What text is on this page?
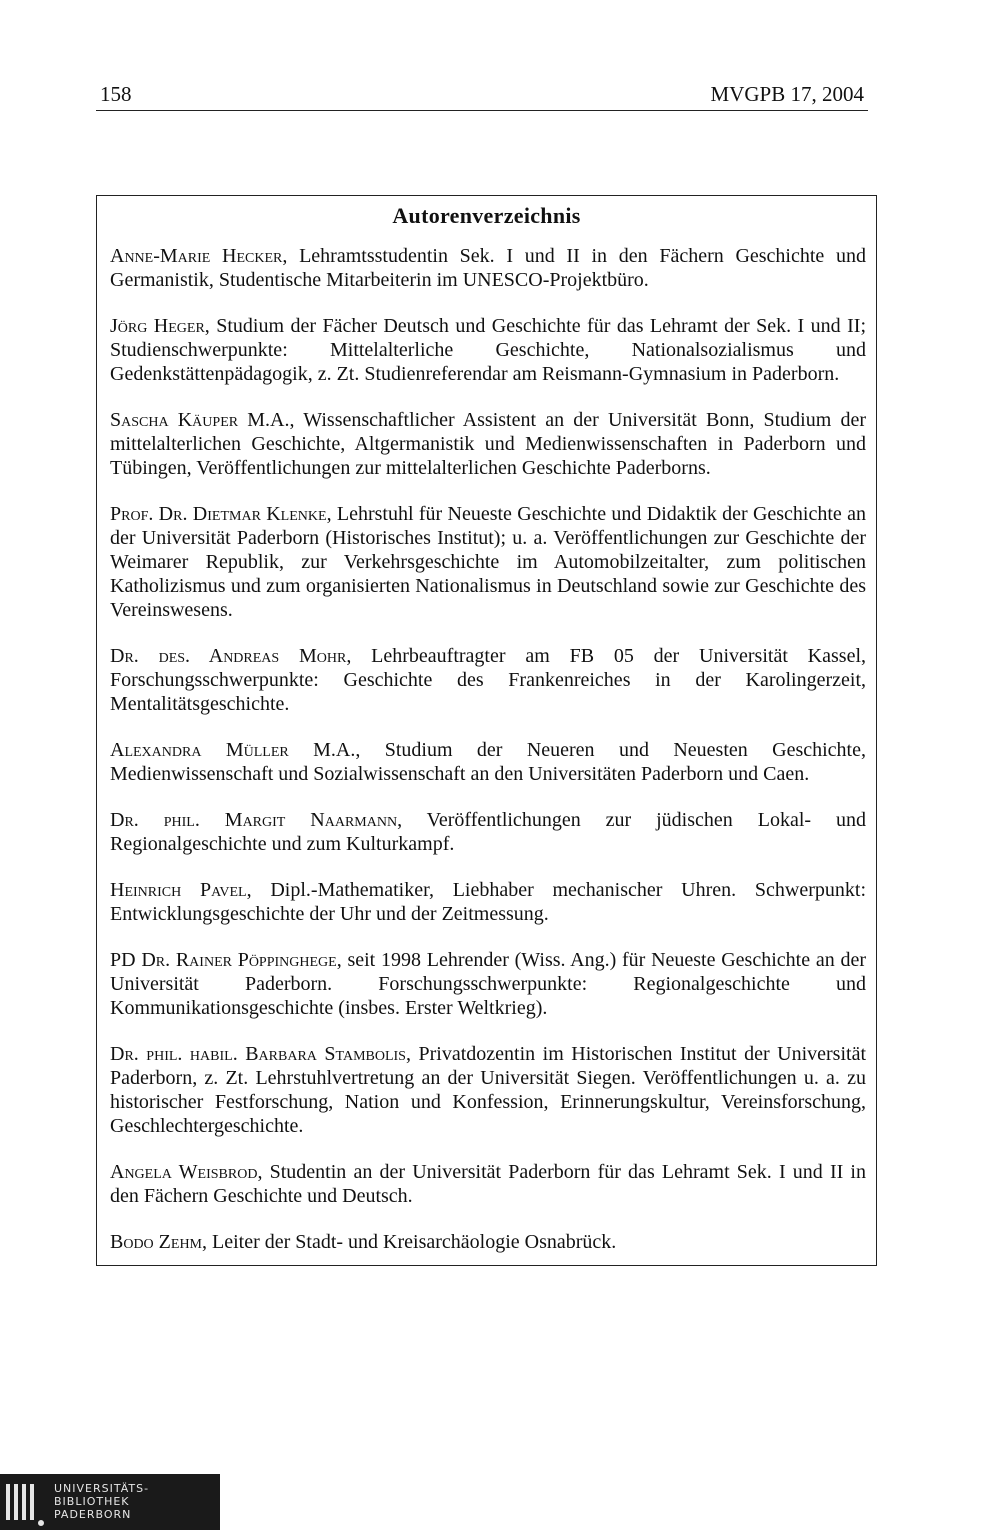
158	MVGPB 17, 2004
Autorenverzeichnis

Anne-Marie Hecker, Lehramtsstudentin Sek. I und II in den Fächern Geschichte und Germanistik, Studentische Mitarbeiterin im UNESCO-Projektbüro.

Jörg Heger, Studium der Fächer Deutsch und Geschichte für das Lehramt der Sek. I und II; Studienschwerpunkte: Mittelalterliche Geschichte, Nationalsozialismus und Gedenkstättenpädagogik, z. Zt. Studienreferendar am Reismann-Gymnasium in Paderborn.

Sascha Käuper M.A., Wissenschaftlicher Assistent an der Universität Bonn, Studium der mittelalterlichen Geschichte, Altgermanistik und Medienwissenschaften in Paderborn und Tübingen, Veröffentlichungen zur mittelalterlichen Geschichte Paderborns.

Prof. Dr. Dietmar Klenke, Lehrstuhl für Neueste Geschichte und Didaktik der Geschichte an der Universität Paderborn (Historisches Institut); u. a. Veröffentlichungen zur Geschichte der Weimarer Republik, zur Verkehrsgeschichte im Automobilzeitalter, zum politischen Katholizismus und zum organisierten Nationalismus in Deutschland sowie zur Geschichte des Vereinswesens.

Dr. des. Andreas Mohr, Lehrbeauftragter am FB 05 der Universität Kassel, Forschungsschwerpunkte: Geschichte des Frankenreiches in der Karolingerzeit, Mentalitätsgeschichte.

Alexandra Müller M.A., Studium der Neueren und Neuesten Geschichte, Medienwissenschaft und Sozialwissenschaft an den Universitäten Paderborn und Caen.

Dr. phil. Margit Naarmann, Veröffentlichungen zur jüdischen Lokal- und Regionalgeschichte und zum Kulturkampf.

Heinrich Pavel, Dipl.-Mathematiker, Liebhaber mechanischer Uhren. Schwerpunkt: Entwicklungsgeschichte der Uhr und der Zeitmessung.

PD Dr. Rainer Pöppinghege, seit 1998 Lehrender (Wiss. Ang.) für Neueste Geschichte an der Universität Paderborn. Forschungsschwerpunkte: Regionalgeschichte und Kommunikationsgeschichte (insbes. Erster Weltkrieg).

Dr. phil. habil. Barbara Stambolis, Privatdozentin im Historischen Institut der Universität Paderborn, z. Zt. Lehrstuhlvertretung an der Universität Siegen. Veröffentlichungen u. a. zu historischer Festforschung, Nation und Konfession, Erinnerungskultur, Vereinsforschung, Geschlechtergeschichte.

Angela Weisbrod, Studentin an der Universität Paderborn für das Lehramt Sek. I und II in den Fächern Geschichte und Deutsch.

Bodo Zehm, Leiter der Stadt- und Kreisarchäologie Osnabrück.

UNIVERSITÄTS-
BIBLIOTHEK
PADERBORN
